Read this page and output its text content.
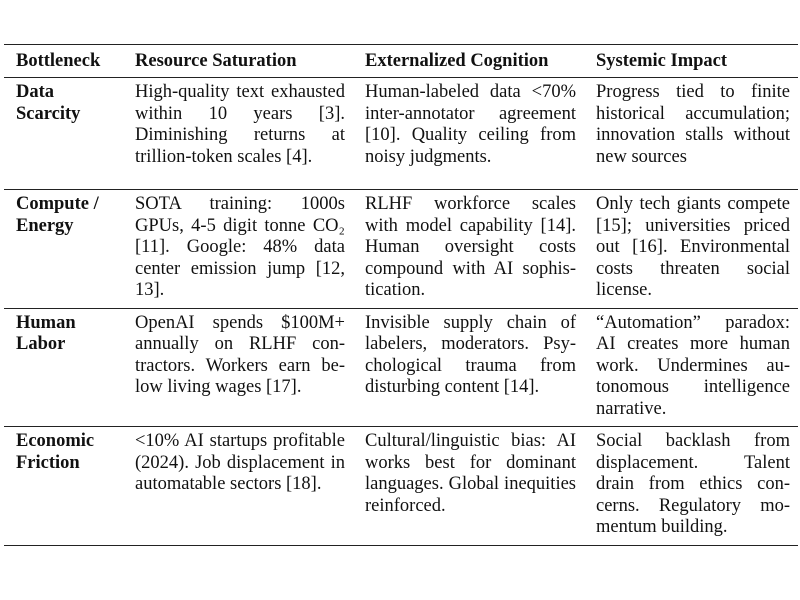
Bottleneck	Resource Saturation	Externalized Cognition	Systemic Impact
Data Scarcity	High-quality text exhausted within 10 years [3]. Diminishing returns at trillion-token scales [4].	Human-labeled data <70% inter-annotator agreement [10]. Quality ceiling from noisy judgments.	Progress tied to finite historical accumulation; innovation stalls without new sources
Compute / Energy	SOTA training: 1000s GPUs, 4-5 digit tonne CO₂ [11]. Google: 48% data center emission jump [12, 13].	RLHF workforce scales with model capability [14]. Human oversight costs compound with AI sophistication.	Only tech giants compete [15]; universities priced out [16]. Environmental costs threaten social license.
Human Labor	OpenAI spends $100M+ annually on RLHF contractors. Workers earn below living wages [17].	Invisible supply chain of labelers, moderators. Psychological trauma from disturbing content [14].	“Automation” paradox: AI creates more human work. Undermines autonomous intelligence narrative.
Economic Friction	<10% AI startups profitable (2024). Job displacement in automatable sectors [18].	Cultural/linguistic bias: AI works best for dominant languages. Global inequities reinforced.	Social backlash from displacement. Talent drain from ethics concerns. Regulatory momentum building.
